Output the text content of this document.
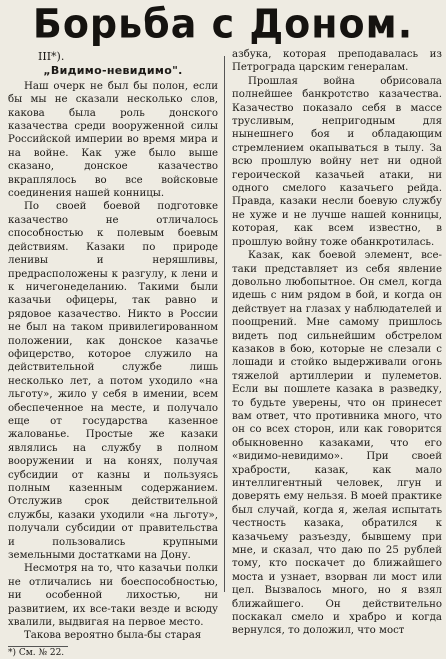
Борьба с Доном.
III*).
„Видимо-невидимо".

Наш очерк не был бы полон, если бы мы не сказали несколько слов, какова была роль донского казачества среди вооруженной силы Российской империи во время мира и на войне. Как уже было выше сказано, донское казачество вкраплялось во все войсковые соединения нашей конницы.

По своей боевой подготовке казачество не отличалось способностью к полевым боевым действиям. Казаки по природе ленивы и неряшливы, предрасположены к разгулу, к лени и к ничегонеделанию. Такими были казачьи офицеры, так равно и рядовое казачество. Никто в России не был на таком привилегированном положении, как донское казачье офицерство, которое служило на действительной службе лишь несколько лет, а потом уходило «на льготу», жило у себя в имении, всем обеспеченное на месте, и получало еще от государства казенное жалованье. Простые же казаки являлись на службу в полном вооружении и на конях, получая субсидии от казны и пользуясь полным казенным содержанием. Отслужив срок действительной службы, казаки уходили «на льготу», получали субсидии от правительства и пользовались крупными земельными достатками на Дону.

Несмотря на то, что казачьи полки не отличались ни боеспособностью, ни особенной лихостью, ни развитием, их все-таки везде и всюду хвалили, выдвигая на первое место.

Такова вероятно была-бы старая

*) См. № 22.

азбука, которая преподавалась из Петрограда царским генералам.

Прошлая война обрисовала полнейшее банкротство казачества. Казачество показало себя в массе трусливым, непригодным для нынешнего боя и обладающим стремлением окапываться в тылу. За всю прошлую войну нет ни одной героической казачьей атаки, ни одного смелого казачьего рейда. Правда, казаки несли боевую службу не хуже и не лучше нашей конницы, которая, как всем известно, в прошлую войну тоже обанкротилась.

Казак, как боевой элемент, все-таки представляет из себя явление довольно любопытное. Он смел, когда идешь с ним рядом в бой, и когда он действует на глазах у наблюдателей и поощрений. Мне самому пришлось видеть под сильнейшим обстрелом казаков в бою, которые не слезали с лошади и стойко выдерживали огонь тяжелой артиллерии и пулеметов. Если вы пошлете казака в разведку, то будьте уверены, что он принесет вам ответ, что противника много, что он со всех сторон, или как говорится обыкновенно казаками, что его «видимо-невидимо». При своей храбрости, казак, как мало интеллигентный человек, лгун и доверять ему нельзя. В моей практике был случай, когда я, желая испытать честность казака, обратился к казачьему разъезду, бывшему при мне, и сказал, что даю по 25 рублей тому, кто поскачет до ближайшего моста и узнает, взорван ли мост или цел. Вызвалось много, но я взял ближайшего. Он действительно поскакал смело и храбро и когда вернулся, то доложил, что мост
